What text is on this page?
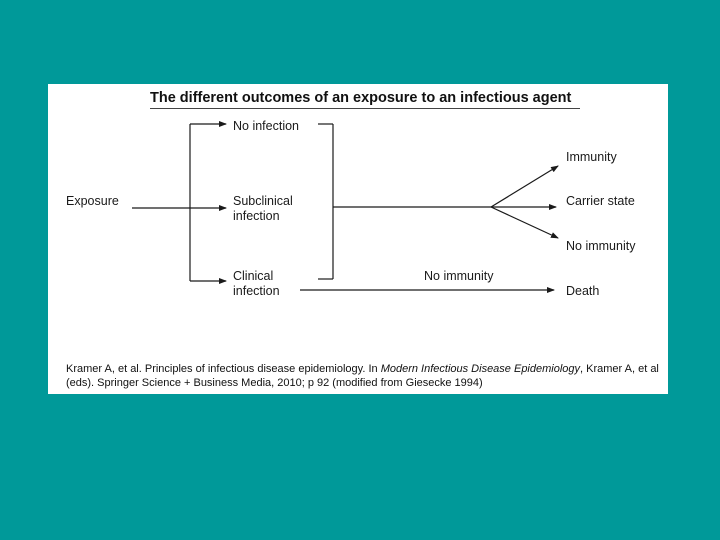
The different outcomes of an exposure to an infectious agent
Exposure
No infection
Subclinical
infection
Clinical
infection
Immunity
Carrier state
No immunity
No immunity
Death
Kramer A, et al. Principles of infectious disease epidemiology. In Modern Infectious Disease Epidemiology, Kramer A, et al (eds). Springer Science + Business Media, 2010; p 92 (modified from Giesecke 1994)
